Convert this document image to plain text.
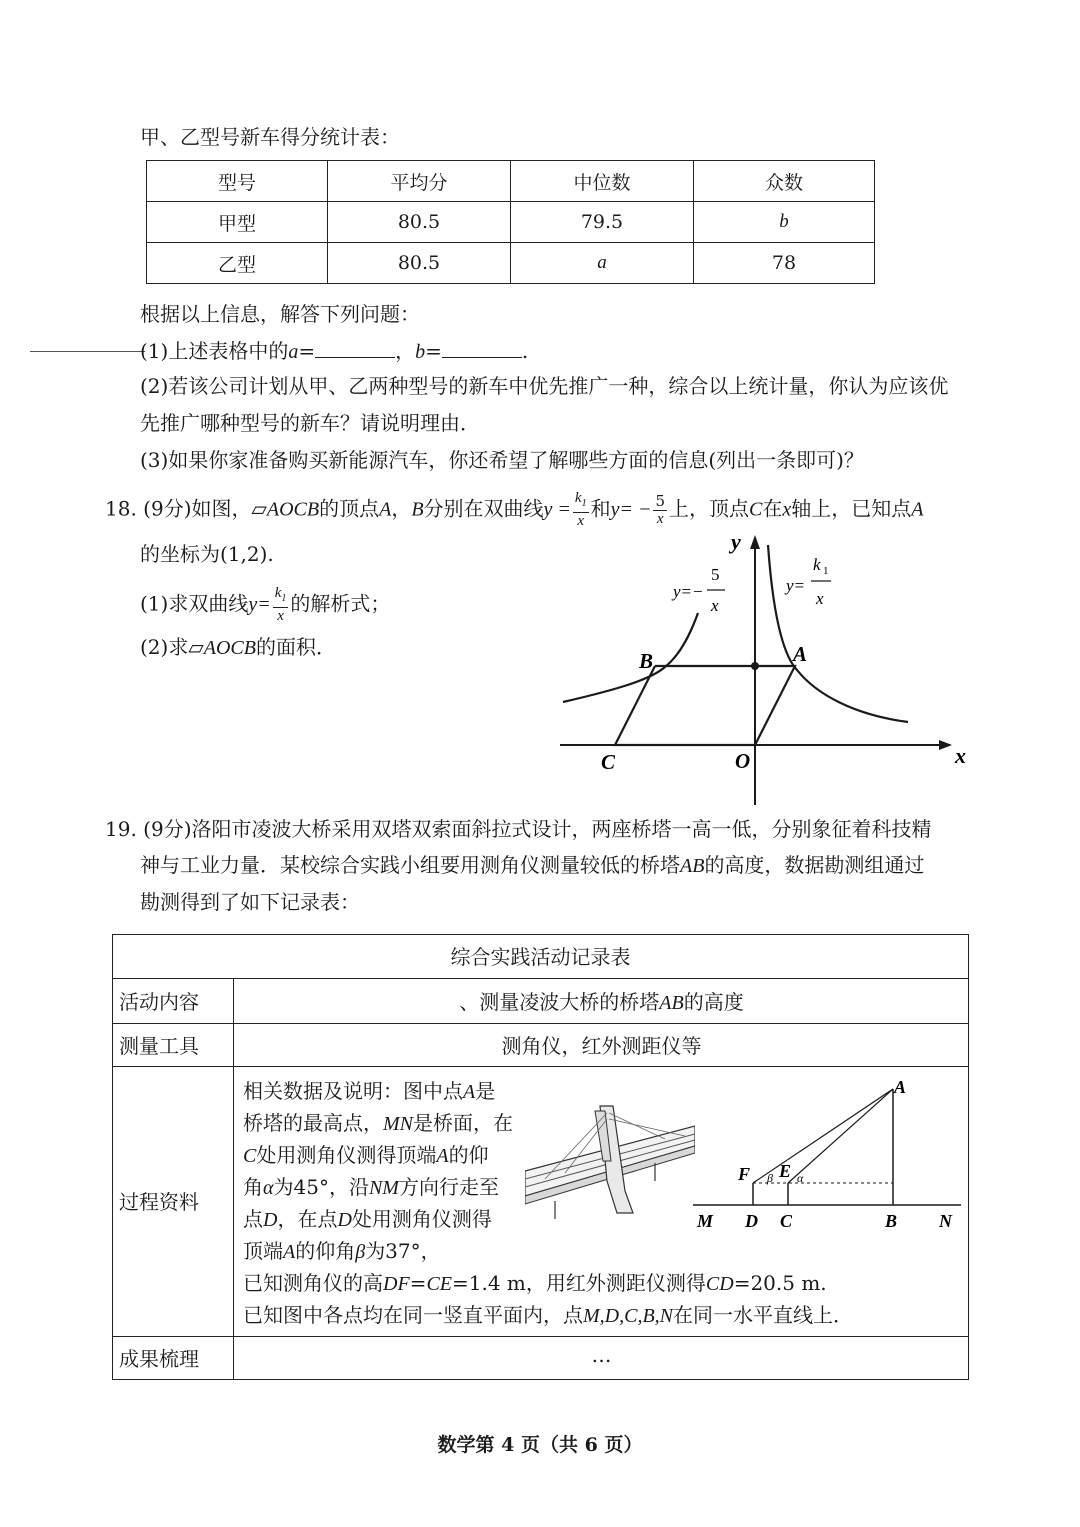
甲、乙型号新车得分统计表：
型号	平均分	中位数	众数
甲型	80.5	79.5	b
乙型	80.5	a	78
根据以上信息，解答下列问题：
(1)上述表格中的a=	，b=	.
(2)若该公司计划从甲、乙两种型号的新车中优先推广一种，综合以上统计量，你认为应该优
先推广哪种型号的新车？请说明理由．
(3)如果你家准备购买新能源汽车，你还希望了解哪些方面的信息(列出一条即可)？
18. (9分)如图，▱AOCB的顶点A，B分别在双曲线$y = \frac{k_1}{x}$ 和$y= - \frac{5}{x}$ 上，顶点C在x轴上，已知点A
的坐标为(1,2).
(1)求双曲线$y= \frac{k_1}{x}$ 的解析式；
(2)求▱AOCB的面积．
y
x
O
A
B
C
y=−
5
x
y=
k 1
x
19. (9分)洛阳市凌波大桥采用双塔双索面斜拉式设计，两座桥塔一高一低，分别象征着科技精
神与工业力量．某校综合实践小组要用测角仪测量较低的桥塔AB的高度，数据勘测组通过
勘测得到了如下记录表：
综合实践活动记录表
活动内容	、测量凌波大桥的桥塔AB的高度
测量工具	测角仪，红外测距仪等
过程资料
相关数据及说明：图中点A是
桥塔的最高点，MN是桥面，在
C处用测角仪测得顶端A的仰
角α为45°，沿NM方向行走至
点D，在点D处用测角仪测得
顶端A的仰角β为37°，
已知测角仪的高DF=CE=1.4 m，用红外测距仪测得CD=20.5 m.
已知图中各点均在同一竖直平面内，点M,D,C,B,N在同一水平直线上．
A
M D C	B N
F E
β α
成果梳理	…
数学第 4 页（共 6 页）
